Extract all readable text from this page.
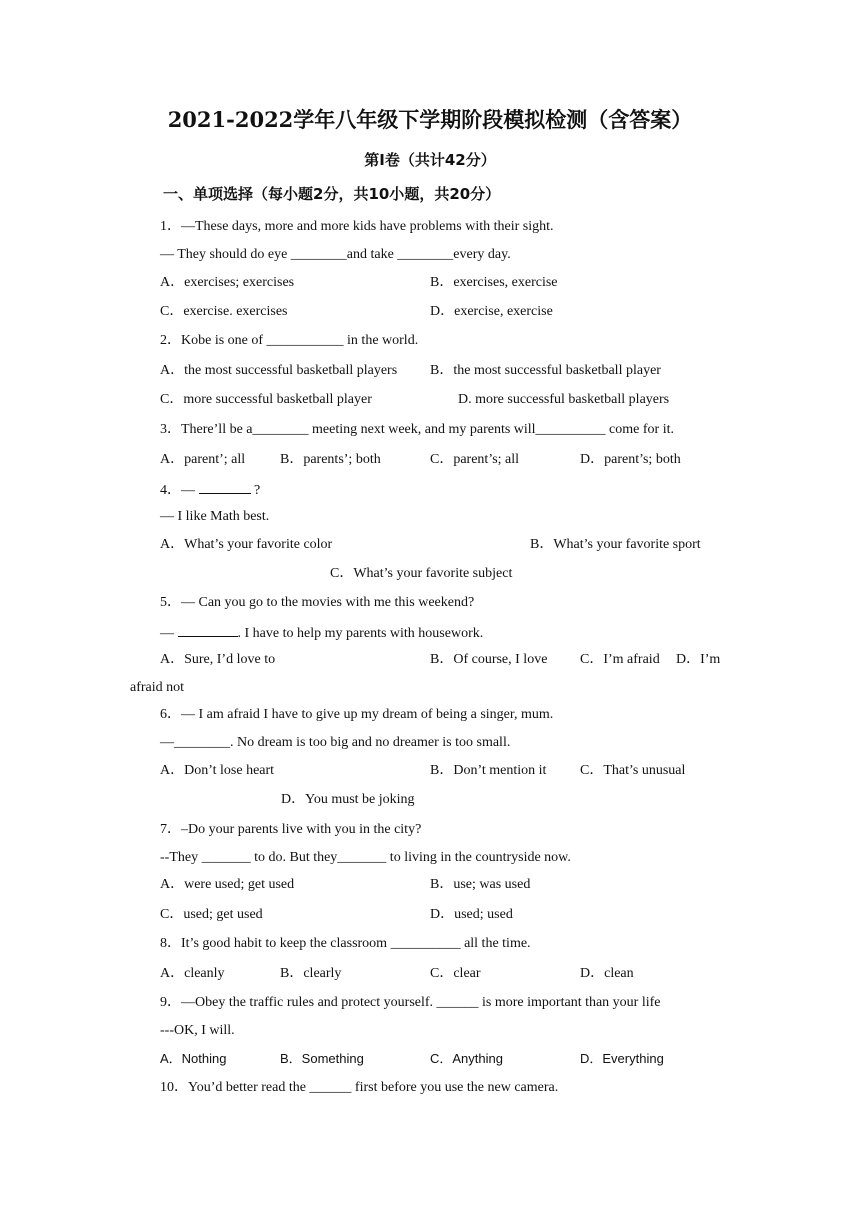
2021-2022学年八年级下学期阶段模拟检测（含答案）
第Ⅰ卷（共计42分）
一、单项选择（每小题2分，共10小题，共20分）
1．—These days, more and more kids have problems with their sight.
— They should do eye ________and take ________every day.
A．exercises; exercises	B．exercises, exercise
C．exercise. exercises	D．exercise, exercise
2．Kobe is one of ___________ in the world.
A．the most successful basketball players B．the most successful basketball player
C．more successful basketball player	D. more successful basketball players
3．There’ll be a________ meeting next week, and my parents will__________ come for it.
A．parent’; all B．parents’; both	C．parent’s; all	D．parent’s; both
— I like Math best.
A．What’s your favorite color	B．What’s your favorite sport
C．What’s your favorite subject
5．— Can you go to the movies with me this weekend?
A．Sure, I’d love to	B．Of course, I love C．I’m afraid D．I’m
afraid not
6．— I am afraid I have to give up my dream of being a singer, mum.
—________. No dream is too big and no dreamer is too small.
A．Don’t lose heart	B．Don’t mention it C．That’s unusual
D．You must be joking
7．–Do your parents live with you in the city?
--They _______ to do. But they_______ to living in the countryside now.
A．were used; get used	B．use; was used
C．used; get used	D．used; used
8．It’s good habit to keep the classroom __________ all the time.
A．cleanly	B．clearly	C．clear	D．clean
9．—Obey the traffic rules and protect yourself. ______ is more important than your life
---OK, I will.
10．You’d better read the ______ first before you use the new camera.
4．—	?
—	. I have to help my parents with housework.
A．Nothing	B．Something	C．Anything	D．Everything
